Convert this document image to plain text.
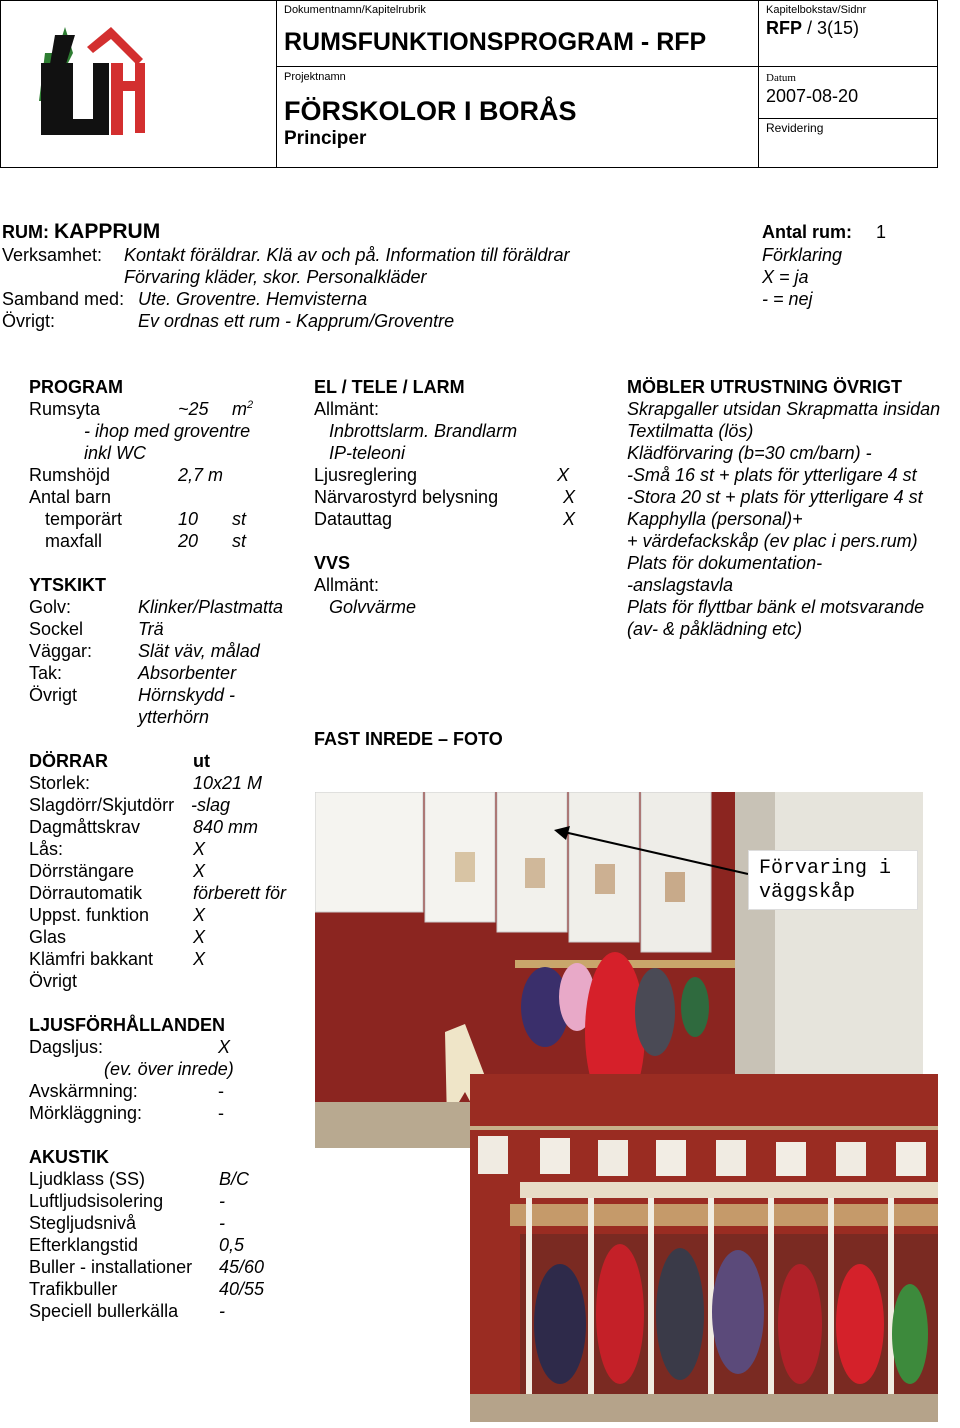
Dokumentnamn/Kapitelrubrik
RUMSFUNKTIONSPROGRAM - RFP
Projektnamn
FÖRSKOLOR I BORÅS
Principer
Kapitelbokstav/Sidnr
RFP / 3(15)
Datum
2007-08-20
Revidering
RUM: KAPPRUM
Verksamhet: Kontakt föräldrar. Klä av och på. Information till föräldrar
Förvaring kläder, skor. Personalkläder
Samband med: Ute. Groventre. Hemvisterna
Övrigt:	Ev ordnas ett rum - Kapprum/Groventre
Antal rum: 1
Förklaring
X = ja
- = nej
PROGRAM
Rumsyta	~25 $m^2$
- ihop med groventre
inkl WC
Rumshöjd	2,7 m
Antal barn
temporärt	10 st
maxfall	20 st
YTSKIKT
Golv:	Klinker/Plastmatta
Sockel	Trä
Väggar:	Slät väv, målad
Tak:	Absorbenter
Övrigt	Hörnskydd -
ytterhörn
DÖRRAR	ut
Storlek:	10x21 M
Slagdörr/Skjutdörr -slag
Dagmåttskrav	840 mm
Lås:	X
Dörrstängare	X
Dörrautomatik	förberett för
Uppst. funktion X
Glas	X
Klämfri bakkant X
Övrigt
LJUSFÖRHÅLLANDEN
Dagsljus:	X
(ev. över inrede)
Avskärmning:	-
Mörkläggning:	-
AKUSTIK
Ljudklass (SS)	B/C
Luftljudsisolering	-
Stegljudsnivå	-
Efterklangstid	0,5
Buller - installationer 45/60
Trafikbuller	40/55
Speciell bullerkälla -
EL / TELE / LARM
Allmänt:
Inbrottslarm. Brandlarm
IP-teleoni
Ljusreglering	X
Närvarostyrd belysning	X
Datauttag	X
VVS
Allmänt:
Golvvärme
FAST INREDE – FOTO
MÖBLER UTRUSTNING ÖVRIGT
Skrapgaller utsidan Skrapmatta insidan
Textilmatta (lös)
Klädförvaring (b=30 cm/barn) -
-Små 16 st + plats för ytterligare 4 st
-Stora 20 st + plats för ytterligare 4 st
Kapphylla (personal)+
+ värdefackskåp (ev plac i pers.rum)
Plats för dokumentation-
-anslagstavla
Plats för flyttbar bänk el motsvarande
(av- & påklädning etc)
Förvaring i
väggskåp
